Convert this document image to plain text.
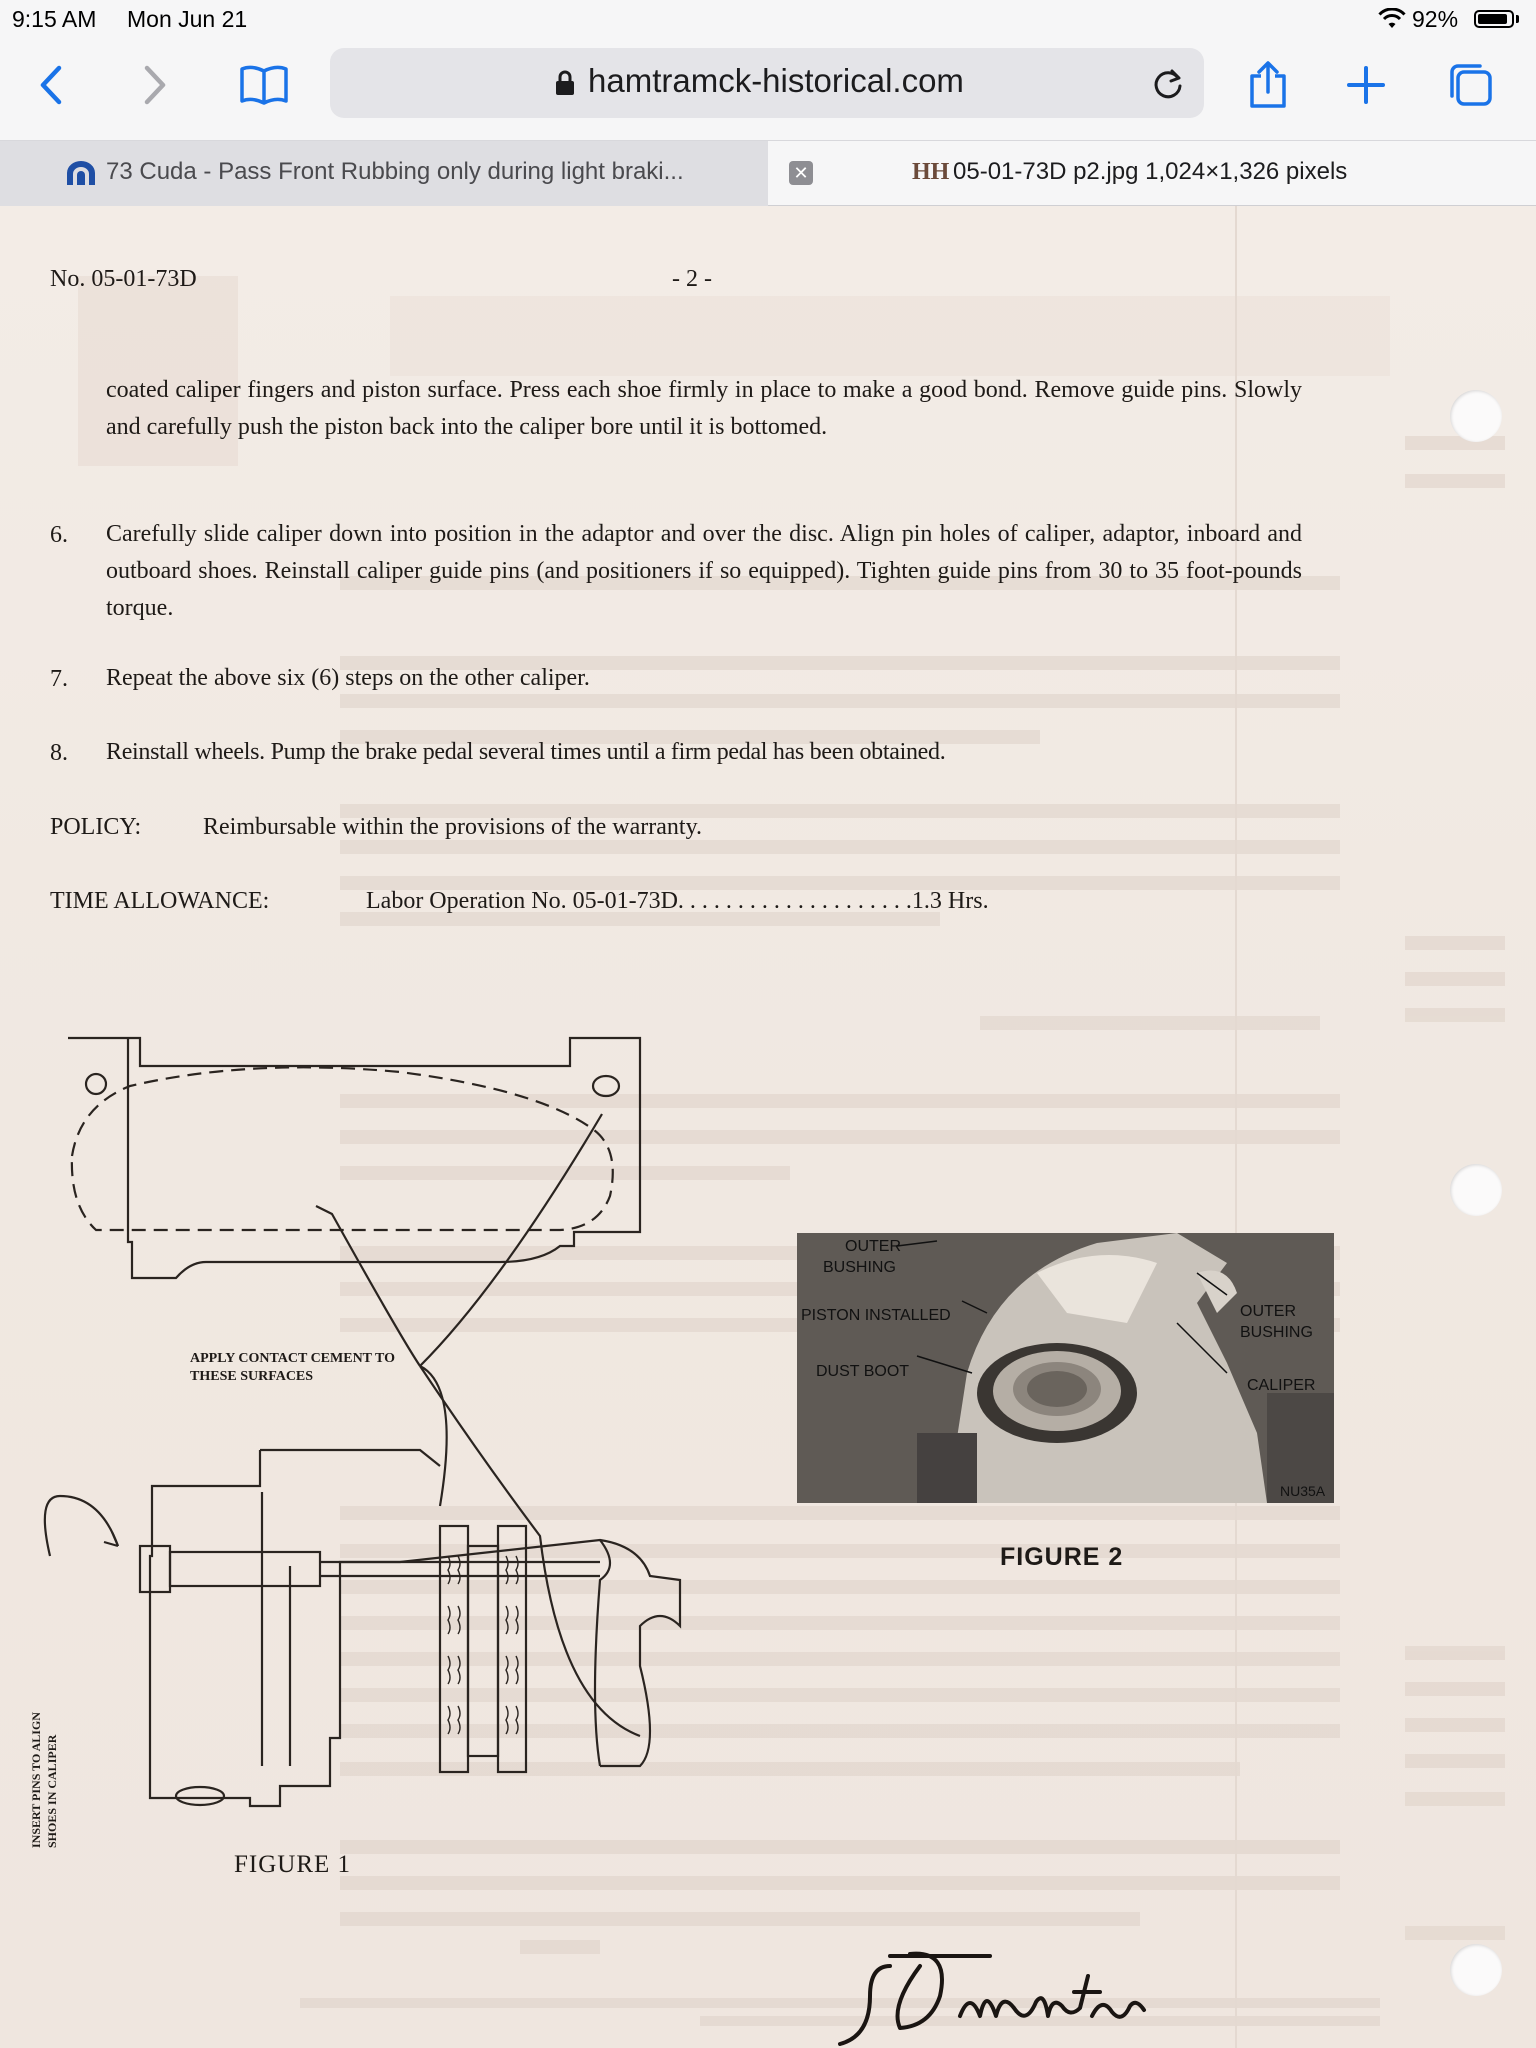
9:15 AM Mon Jun 21	92%
hamtramck-historical.com
73 Cuda - Pass Front Rubbing only during light braki...	✕	HH 05-01-73D p2.jpg 1,024×1,326 pixels
No. 05-01-73D	- 2 -
coated caliper fingers and piston surface. Press each shoe firmly in place to make a good bond. Remove guide pins. Slowly and carefully push the piston back into the caliper bore until it is bottomed.
6. Carefully slide caliper down into position in the adaptor and over the disc. Align pin holes of caliper, adaptor, inboard and outboard shoes. Reinstall caliper guide pins (and positioners if so equipped). Tighten guide pins from 30 to 35 foot-pounds torque.
7. Repeat the above six (6) steps on the other caliper.
8. Reinstall wheels. Pump the brake pedal several times until a firm pedal has been obtained.
POLICY:	Reimbursable within the provisions of the warranty.
TIME ALLOWANCE:	Labor Operation No. 05-01-73D. . . . . . . . . . . . . . . . . . . .1.3 Hrs.
APPLY CONTACT CEMENT TO THESE SURFACES
INSERT PINS TO ALIGN SHOES IN CALIPER
FIGURE 1
OUTER
BUSHING
PISTON INSTALLED
DUST BOOT
OUTER
BUSHING
CALIPER
NU35A
FIGURE 2
